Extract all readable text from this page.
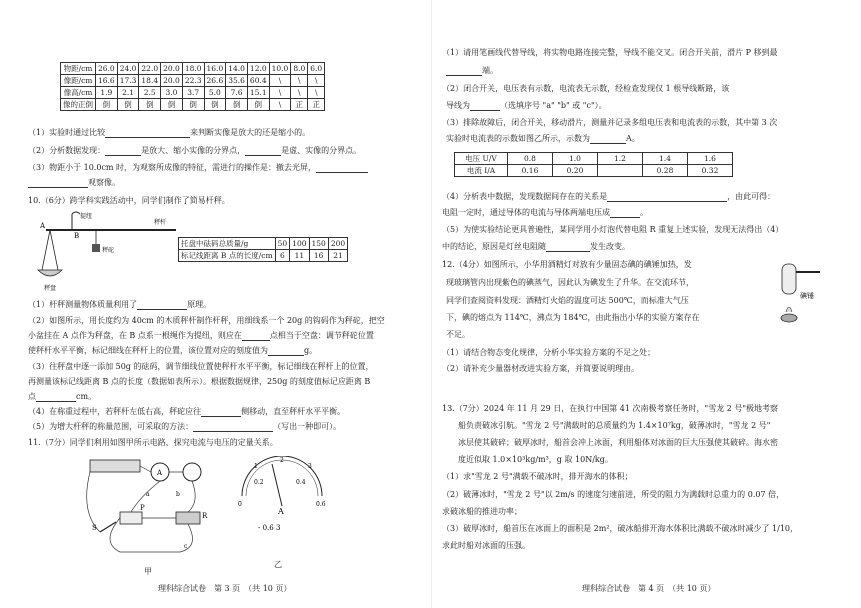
物距/cm	26.0	24.0	22.0	20.0	18.0	16.0	14.0	12.0	10.0	8.0	6.0
像距/cm	16.6	17.3	18.4	20.0	22.3	26.6	35.6	60.4	\	\	\
像高/cm	1.9	2.1	2.5	3.0	3.7	5.0	7.6	15.1	\	\	\
像的正倒	倒	倒	倒	倒	倒	倒	倒	倒	\	正	正
（1）实验时通过比较	来判断实像是放大的还是缩小的。
（2）分析数据发现：	是放大、缩小实像的分界点，	是虚、实像的分界点。
（3）物距小于 10.0cm 时，为观察所成像的特征，需进行的操作是：撤去光屏，
观察像。
10.（6分）跨学科实践活动中，同学们制作了简易杆秤。
A
B
提纽
秤杆
秤砣
秤盘
托盘中砝码总质量/g	50	100	150	200
标记线距离 B 点的长度/cm	6	11	16	21
（1）杆秤测量物体质量利用了	原理。
（2）如图所示，用长度约为 40cm 的木质秤杆制作杆秤，用细线系一个 20g 的钩码作为秤砣，把空
小盆挂在 A 点作为秤盘，在 B 点系一根绳作为提纽，则应在	点相当于空盘：调节秤砣位置
使秤杆水平平衡，标记细线在秤杆上的位置，该位置对应的刻度值为	g。
（3）往秤盘中逐一添加 50g 的砝码，调节细线位置使秤杆水平平衡，标记细线在秤杆上的位置，
再测量该标记线距离 B 点的长度（数据如表所示）。根据数据规律，250g 的刻度值标记应距离 B
点	cm。
（4）在称重过程中，若秤杆左低右高，秤砣应往	侧移动，直至秤杆水平平衡。
（5）为增大杆秤的称量范围，可采取的方法：	（写出一种即可）。
11.（7分）同学们利用如图甲所示电路，探究电流与电压的定量关系。
A
S
P
R
a	b
c
甲
0
0.2	0.4
0.6
1
2
3
A
- 0.6 3
乙
理科综合试卷　第 3 页　（共 10 页）
（1）请用笔画线代替导线，将实物电路连接完整，导线不能交叉。闭合开关前，滑片 P 移到最
端。
（2）闭合开关，电压表有示数，电流表无示数，经检查发现仅 1 根导线断路，该
导线为	（选填序号 "a" "b" 或 "c"）。
（3）排除故障后，闭合开关，移动滑片，测量并记录多组电压表和电流表的示数，其中第 3 次
实验时电流表的示数如图乙所示，示数为	A。
电压 U/V	0.8	1.0	1.2	1.4	1.6
电流 I/A	0.16	0.20		0.28	0.32
（4）分析表中数据，发现数据间存在的关系是	，由此可得：
电阻一定时，通过导体的电流与导体两端电压成	。
（5）为使实验结论更具普遍性，某同学用小灯泡代替电阻 R 重复上述实验，发现无法得出（4）
中的结论，原因是灯丝电阻随	发生改变。
12.（4分）如图所示，小华用酒精灯对放有少量固态碘的碘锤加热，发
现玻璃管内出现紫色的碘蒸气，因此认为碘发生了升华。在交流环节，
同学们查阅资料发现：酒精灯火焰的温度可达 500℃，而标准大气压
下，碘的熔点为 114℃，沸点为 184℃，由此指出小华的实验方案存在
不足。
碘锤
（1）请结合物态变化规律，分析小华实验方案的不足之处；
（2）请补充少量器材改进实验方案，并简要说明理由。
13.（7分）2024 年 11 月 29 日，在执行中国第 41 次南极考察任务时，"雪龙 2 号"极地考察
船负责破冰引航。"雪龙 2 号"满载时的总质量约为 1.4×10⁷kg，破薄冰时，"雪龙 2 号"
冰层使其破碎；破厚冰时，船首会冲上冰面，利用船体对冰面的巨大压强使其破碎。海水密
度近似取 1.0×10³kg/m³，g 取 10N/kg。
（1）求"雪龙 2 号"满载不破冰时，排开海水的体积；
（2）破薄冰时，"雪龙 2 号"以 2m/s 的速度匀速前进，所受的阻力为满载时总重力的 0.07 倍，
求破冰船的推进功率；
（3）破厚冰时，船首压在冰面上的面积是 2m²，破冰船排开海水体积比满载不破冰时减少了 1/10，
求此时船对冰面的压强。
理科综合试卷　第 4 页　（共 10 页）
